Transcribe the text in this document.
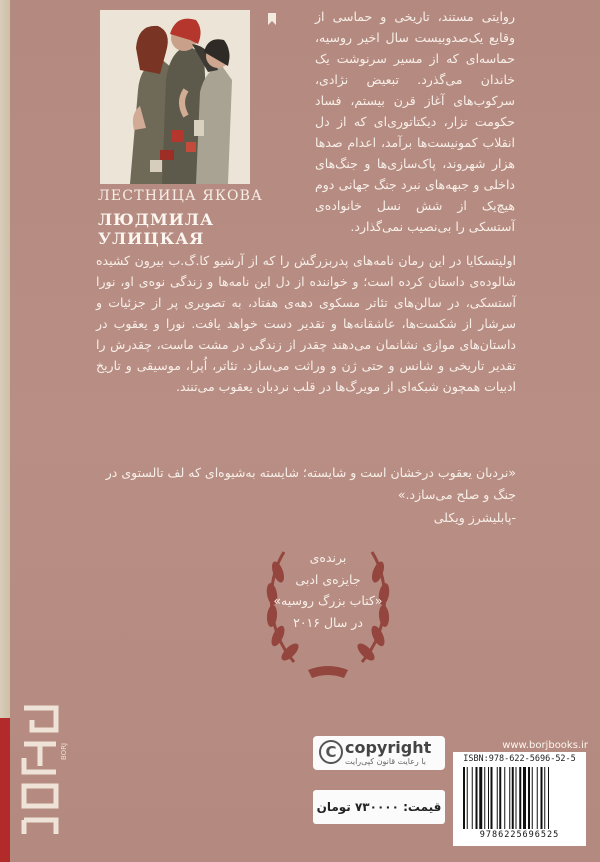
ЛЕСТНИЦА ЯКОВА
ЛЮДМИЛА УЛИЦКАЯ
روایتی مستند، تاریخی و حماسی از وقایع یک‌صدوبیست سال اخیر روسیه، حماسه‌ای که از مسیر سرنوشت یک خاندان می‌گذرد. تبعیض نژادی، سرکوب‌های آغاز قرن بیستم، فساد حکومت تزار، دیکتاتوری‌ای که از دل انقلاب کمونیست‌ها برآمد، اعدام صدها هزار شهروند، پاک‌سازی‌ها و جنگ‌های داخلی و جبهه‌های نبرد جنگ جهانی دوم هیچ‌یک از شش نسل خانواده‌ی آستسکی را بی‌نصیب نمی‌گذارد.
اولیتسکایا در این رمان نامه‌های پدربزرگش را که از آرشیو کا.گ.ب بیرون کشیده شالوده‌ی داستان کرده است؛ و خواننده از دل این نامه‌ها و زندگی نوه‌ی او، نورا آستسکی، در سالن‌های تئاتر مسکوی دهه‌ی هفتاد، به تصویری پر از جزئیات و سرشار از شکست‌ها، عاشقانه‌ها و تقدیر دست خواهد یافت. نورا و یعقوب در داستان‌های موازی نشانمان می‌دهند چقدر از زندگی در مشت ماست، چقدرش را تقدیر تاریخی و شانس و حتی ژن و وراثت می‌سازد. تئاتر، اُپرا، موسیقی و تاریخ ادبیات همچون شبکه‌ای از مویرگ‌ها در قلب نردبان یعقوب می‌تنند.
«نردبان یعقوب درخشان است و شایسته؛ شایسته به‌شیوه‌ای که لف تالستوی در جنگ و صلح می‌سازد.»
-پابلیشرز ویکلی
برنده‌ی
جایزه‌ی ادبی
«کتاب بزرگ روسیه»
در سال ۲۰۱۶
BORJ	C copyright
با رعایت قانون کپی‌رایت
قیمت: ۷۳۰۰۰۰ تومان
www.borjbooks.ir
ISBN:978-622-5696-52-5
9786225696525
